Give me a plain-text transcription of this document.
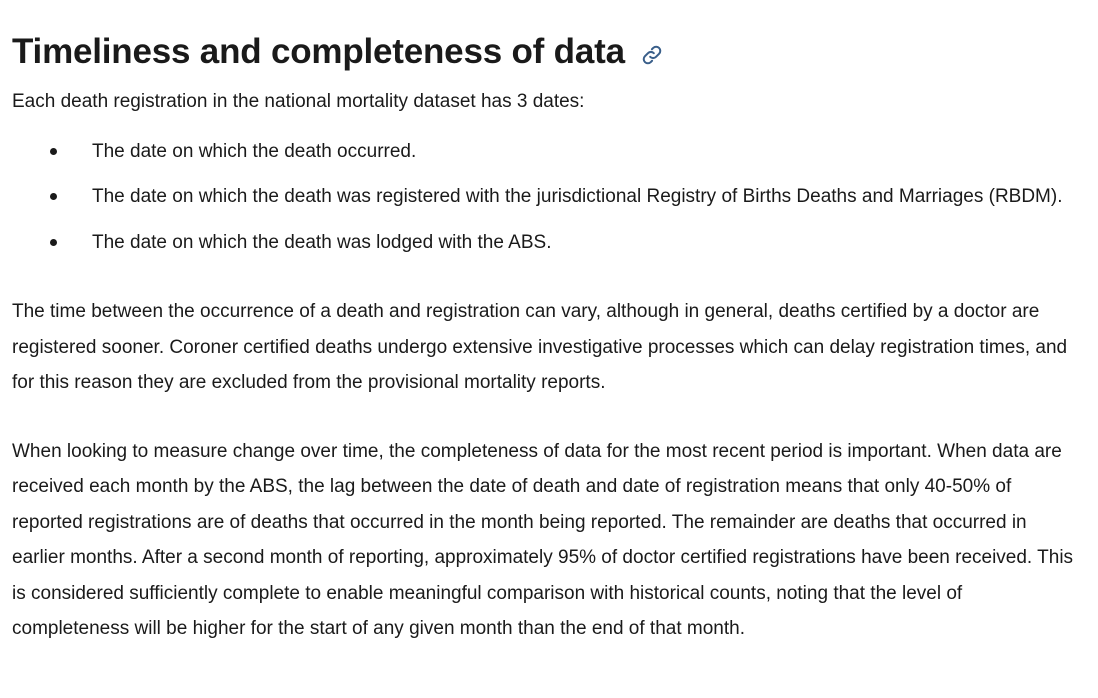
Timeliness and completeness of data

Each death registration in the national mortality dataset has 3 dates:

The date on which the death occurred.
The date on which the death was registered with the jurisdictional Registry of Births Deaths and Marriages (RBDM).
The date on which the death was lodged with the ABS.

The time between the occurrence of a death and registration can vary, although in general, deaths certified by a doctor are registered sooner. Coroner certified deaths undergo extensive investigative processes which can delay registration times, and for this reason they are excluded from the provisional mortality reports.

When looking to measure change over time, the completeness of data for the most recent period is important. When data are received each month by the ABS, the lag between the date of death and date of registration means that only 40-50% of reported registrations are of deaths that occurred in the month being reported. The remainder are deaths that occurred in earlier months. After a second month of reporting, approximately 95% of doctor certified registrations have been received. This is considered sufficiently complete to enable meaningful comparison with historical counts, noting that the level of completeness will be higher for the start of any given month than the end of that month.
